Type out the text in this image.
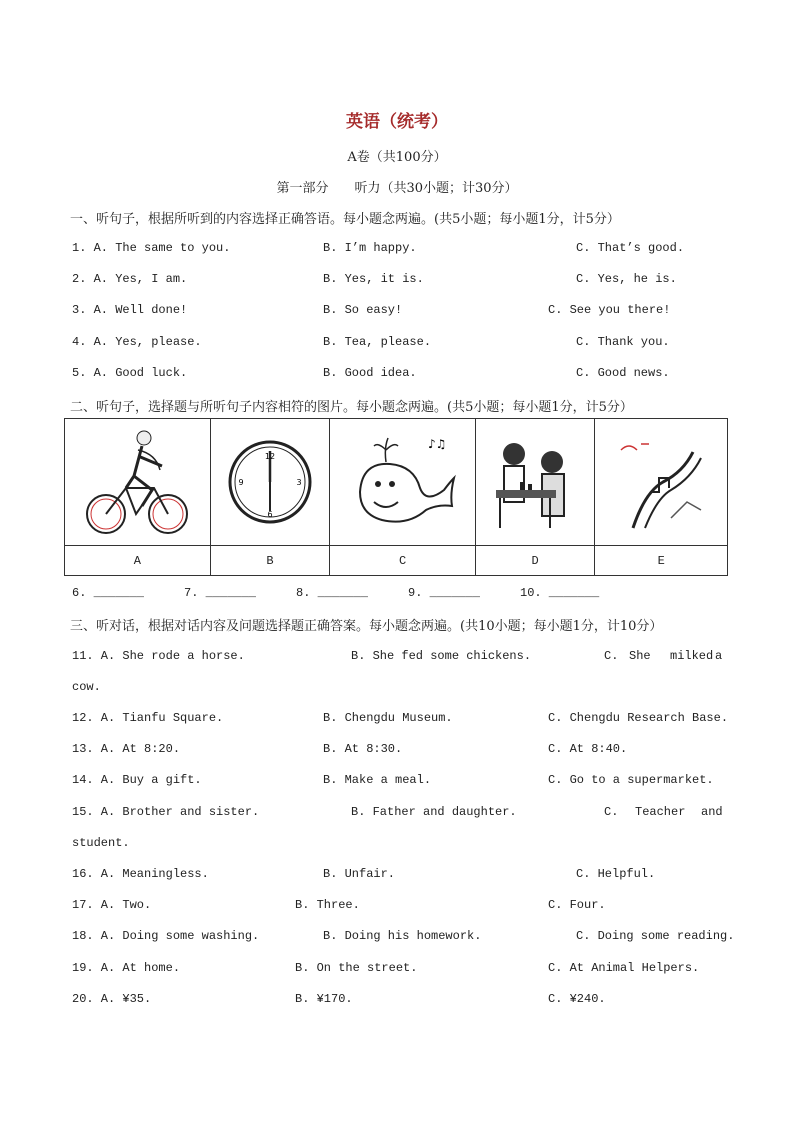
英语（统考）
A卷（共100分）
第一部分　　听力（共30小题；计30分）
一、听句子，根据所听到的内容选择正确答语。每小题念两遍。(共5小题；每小题1分，计5分）
1. A. The same to you.	B. I’m happy.	C. That’s good.
2. A. Yes, I am.	B. Yes, it is.	C. Yes, he is.
3. A. Well done!	B. So easy!	C. See you there!
4. A. Yes, please.	B. Tea, please.	C. Thank you.
5. A. Good luck.	B. Good idea.	C. Good news.
二、听句子，选择题与所听句子内容相符的图片。每小题念两遍。(共5小题；每小题1分，计5分）

12
3
6
9	♪♫

A	B	C	D	E
6. _______	7. _______	8. _______	9. _______	10. _______
三、听对话，根据对话内容及问题选择题正确答案。每小题念两遍。(共10小题；每小题1分，计10分）
11. A. She rode a horse.	B. She fed some chickens.	C. She milked a
cow.
12. A. Tianfu Square.	B. Chengdu Museum.	C. Chengdu Research Base.
13. A. At 8:20.	B. At 8:30.	C. At 8:40.
14. A. Buy a gift.	B. Make a meal.	C. Go to a supermarket.
15. A. Brother and sister.	B. Father and daughter.	C. Teacher and
student.
16. A. Meaningless.	B. Unfair.	C. Helpful.
17. A. Two.	B. Three.	C. Four.
18. A. Doing some washing.	B. Doing his homework.	C. Doing some reading.
19. A. At home.	B. On the street.	C. At Animal Helpers.
20. A. ¥35.	B. ¥170.	C. ¥240.
